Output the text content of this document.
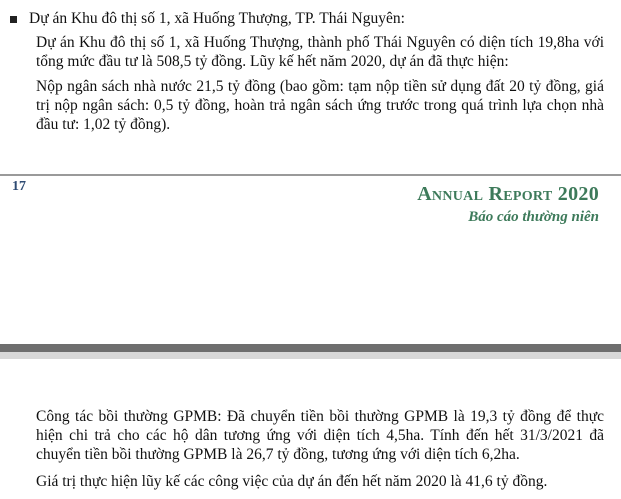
Dự án Khu đô thị số 1, xã Huống Thượng, TP. Thái Nguyên:

Dự án Khu đô thị số 1, xã Huống Thượng, thành phố Thái Nguyên có diện tích 19,8ha với tổng mức đầu tư là 508,5 tỷ đồng. Lũy kế hết năm 2020, dự án đã thực hiện:

Nộp ngân sách nhà nước 21,5 tỷ đồng (bao gồm: tạm nộp tiền sử dụng đất 20 tỷ đồng, giá trị nộp ngân sách: 0,5 tỷ đồng, hoàn trả ngân sách ứng trước trong quá trình lựa chọn nhà đầu tư: 1,02 tỷ đồng).

17	Annual Report 2020
Báo cáo thường niên

Công tác bồi thường GPMB: Đã chuyển tiền bồi thường GPMB là 19,3 tỷ đồng để thực hiện chi trả cho các hộ dân tương ứng với diện tích 4,5ha. Tính đến hết 31/3/2021 đã chuyển tiền bồi thường GPMB là 26,7 tỷ đồng, tương ứng với diện tích 6,2ha.

Giá trị thực hiện lũy kế các công việc của dự án đến hết năm 2020 là 41,6 tỷ đồng.
